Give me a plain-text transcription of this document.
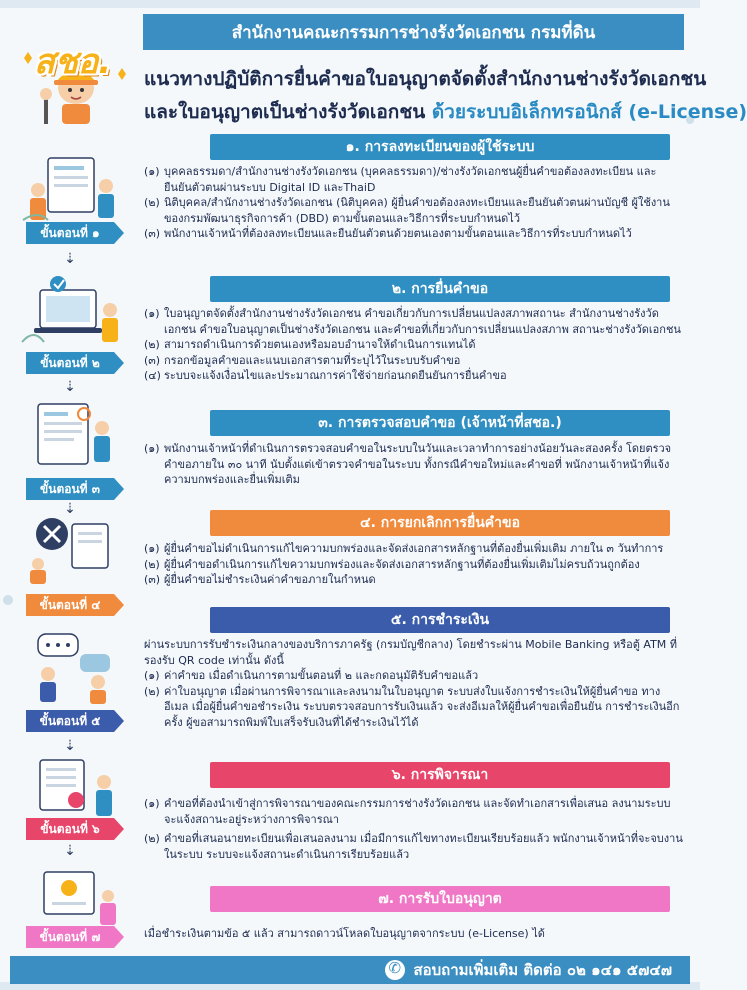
สำนักงานคณะกรรมการช่างรังวัดเอกชน กรมที่ดิน
สชอ. แนวทางปฏิบัติการยื่นคำขอใบอนุญาตจัดตั้งสำนักงานช่างรังวัดเอกชน
และใบอนุญาตเป็นช่างรังวัดเอกชน ด้วยระบบอิเล็กทรอนิกส์ (e-License)
๑. การลงทะเบียนของผู้ใช้ระบบ
ขั้นตอนที่ ๑
⇣

(๑) บุคคลธรรมดา/สำนักงานช่างรังวัดเอกชน (บุคคลธรรมดา)/ช่างรังวัดเอกชนผู้ยื่นคำขอต้องลงทะเบียน และยืนยันตัวตนผ่านระบบ Digital ID และThaiD

(๒) นิติบุคคล/สำนักงานช่างรังวัดเอกชน (นิติบุคคล) ผู้ยื่นคำขอต้องลงทะเบียนและยืนยันตัวตนผ่านบัญชี ผู้ใช้งานของกรมพัฒนาธุรกิจการค้า (DBD) ตามขั้นตอนและวิธีการที่ระบบกำหนดไว้

(๓) พนักงานเจ้าหน้าที่ต้องลงทะเบียนและยืนยันตัวตนด้วยตนเองตามขั้นตอนและวิธีการที่ระบบกำหนดไว้

๒. การยื่นคำขอ
ขั้นตอนที่ ๒
⇣

(๑) ใบอนุญาตจัดตั้งสำนักงานช่างรังวัดเอกชน คำขอเกี่ยวกับการเปลี่ยนแปลงสภาพสถานะ สำนักงานช่างรังวัด เอกชน คำขอใบอนุญาตเป็นช่างรังวัดเอกชน และคำขอที่เกี่ยวกับการเปลี่ยนแปลงสภาพ สถานะช่างรังวัดเอกชน

(๒) สามารถดำเนินการด้วยตนเองหรือมอบอำนาจให้ดำเนินการแทนได้

(๓) กรอกข้อมูลคำขอและแนบเอกสารตามที่ระบุไว้ในระบบรับคำขอ

(๔) ระบบจะแจ้งเงื่อนไขและประมาณการค่าใช้จ่ายก่อนกดยืนยันการยื่นคำขอ

๓. การตรวจสอบคำขอ (เจ้าหน้าที่สชอ.)
ขั้นตอนที่ ๓
⇣

(๑) พนักงานเจ้าหน้าที่ดำเนินการตรวจสอบคำขอในระบบในวันและเวลาทำการอย่างน้อยวันละสองครั้ง โดยตรวจคำขอภายใน ๓๐ นาที นับตั้งแต่เข้าตรวจคำขอในระบบ ทั้งกรณีคำขอใหม่และคำขอที่ พนักงานเจ้าหน้าที่แจ้งความบกพร่องและยื่นเพิ่มเติม

๔. การยกเลิกการยื่นคำขอ
ขั้นตอนที่ ๔

(๑) ผู้ยื่นคำขอไม่ดำเนินการแก้ไขความบกพร่องและจัดส่งเอกสารหลักฐานที่ต้องยื่นเพิ่มเติม ภายใน ๓ วันทำการ

(๒) ผู้ยื่นคำขอดำเนินการแก้ไขความบกพร่องและจัดส่งเอกสารหลักฐานที่ต้องยื่นเพิ่มเติมไม่ครบถ้วนถูกต้อง

(๓) ผู้ยื่นคำขอไม่ชำระเงินค่าคำขอภายในกำหนด

๕. การชำระเงิน
ขั้นตอนที่ ๕
⇣

ผ่านระบบการรับชำระเงินกลางของบริการภาครัฐ (กรมบัญชีกลาง) โดยชำระผ่าน Mobile Banking หรือตู้ ATM ที่รองรับ QR code เท่านั้น ดังนี้

(๑) ค่าคำขอ เมื่อดำเนินการตามขั้นตอนที่ ๒ และกดอนุมัติรับคำขอแล้ว

(๒) ค่าใบอนุญาต เมื่อผ่านการพิจารณาและลงนามในใบอนุญาต ระบบส่งใบแจ้งการชำระเงินให้ผู้ยื่นคำขอ ทางอีเมล เมื่อผู้ยื่นคำขอชำระเงิน ระบบตรวจสอบการรับเงินแล้ว จะส่งอีเมลให้ผู้ยื่นคำขอเพื่อยืนยัน การชำระเงินอีกครั้ง ผู้ขอสามารถพิมพ์ใบเสร็จรับเงินที่ได้ชำระเงินไว้ได้

๖. การพิจารณา
ขั้นตอนที่ ๖
⇣

(๑) คำขอที่ต้องนำเข้าสู่การพิจารณาของคณะกรรมการช่างรังวัดเอกชน และจัดทำเอกสารเพื่อเสนอ ลงนามระบบจะแจ้งสถานะอยู่ระหว่างการพิจารณา

(๒) คำขอที่เสนอนายทะเบียนเพื่อเสนอลงนาม เมื่อมีการแก้ไขทางทะเบียนเรียบร้อยแล้ว พนักงานเจ้าหน้าที่จะจบงานในระบบ ระบบจะแจ้งสถานะดำเนินการเรียบร้อยแล้ว

๗. การรับใบอนุญาต
ขั้นตอนที่ ๗	เมื่อชำระเงินตามข้อ ๕ แล้ว สามารถดาวน์โหลดใบอนุญาตจากระบบ (e-License) ได้

✆
สอบถามเพิ่มเติม ติดต่อ ๐๒ ๑๔๑ ๕๗๔๗
